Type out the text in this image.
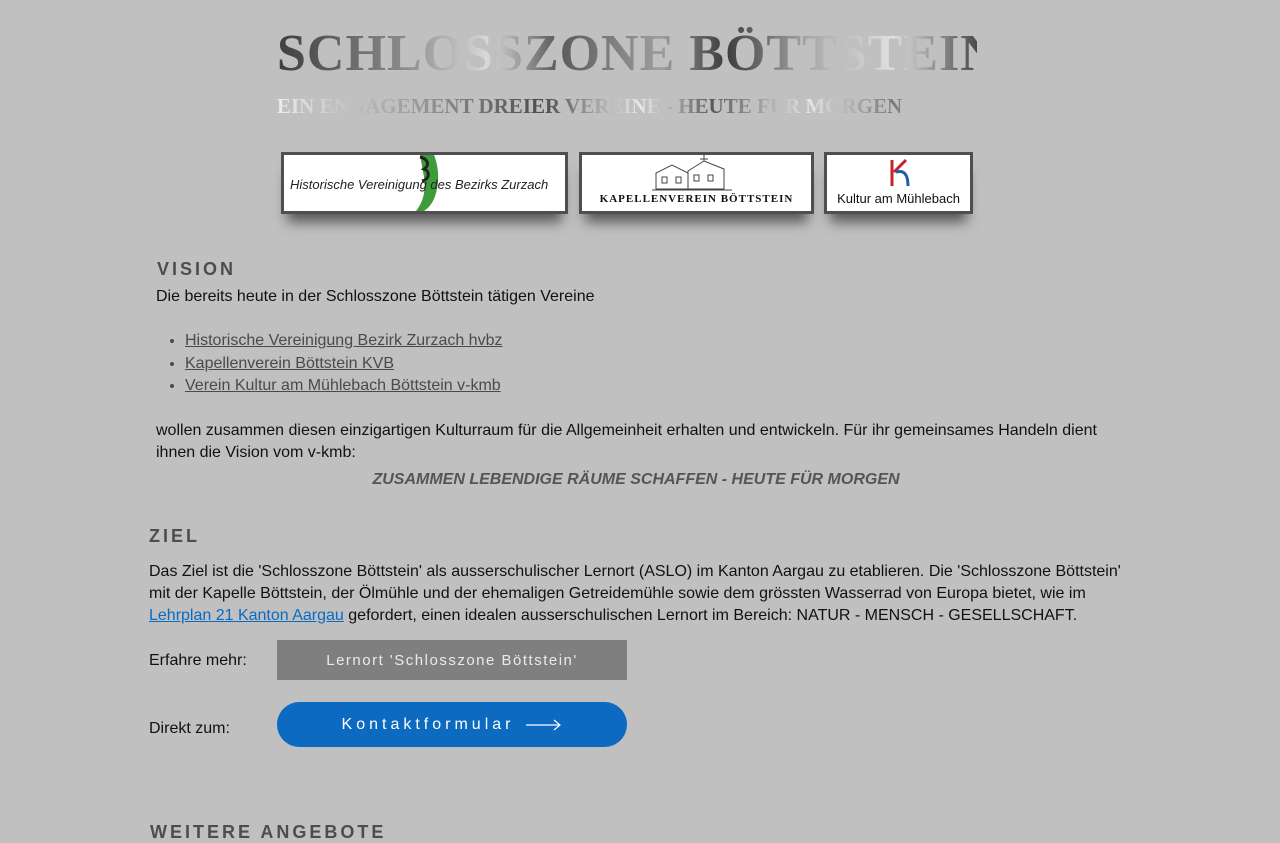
SCHLOSSZONE BÖTTSTEIN
EIN ENGAGEMENT DREIER VEREINE - HEUTE FÜR MORGEN
Historische Vereinigung des Bezirks Zurzach
KAPELLENVEREIN BÖTTSTEIN	Kultur am Mühlebach
VISION
Die bereits heute in der Schlosszone Böttstein tätigen Vereine
• Historische Vereinigung Bezirk Zurzach hvbz
• Kapellenverein Böttstein KVB
• Verein Kultur am Mühlebach Böttstein v-kmb
wollen zusammen diesen einzigartigen Kulturraum für die Allgemeinheit erhalten und entwickeln. Für ihr gemeinsames Handeln dient ihnen die Vision vom v-kmb:
ZUSAMMEN LEBENDIGE RÄUME SCHAFFEN - HEUTE FÜR MORGEN
ZIEL
Das Ziel ist die 'Schlosszone Böttstein' als ausserschulischer Lernort (ASLO) im Kanton Aargau zu etablieren. Die 'Schlosszone Böttstein' mit der Kapelle Böttstein, der Ölmühle und der ehemaligen Getreidemühle sowie dem grössten Wasserrad von Europa bietet, wie im Lehrplan 21 Kanton Aargau gefordert, einen idealen ausserschulischen Lernort im Bereich: NATUR - MENSCH - GESELLSCHAFT.
Erfahre mehr:	Lernort 'Schlosszone Böttstein'
Direkt zum:	Kontaktformular
WEITERE ANGEBOTE
